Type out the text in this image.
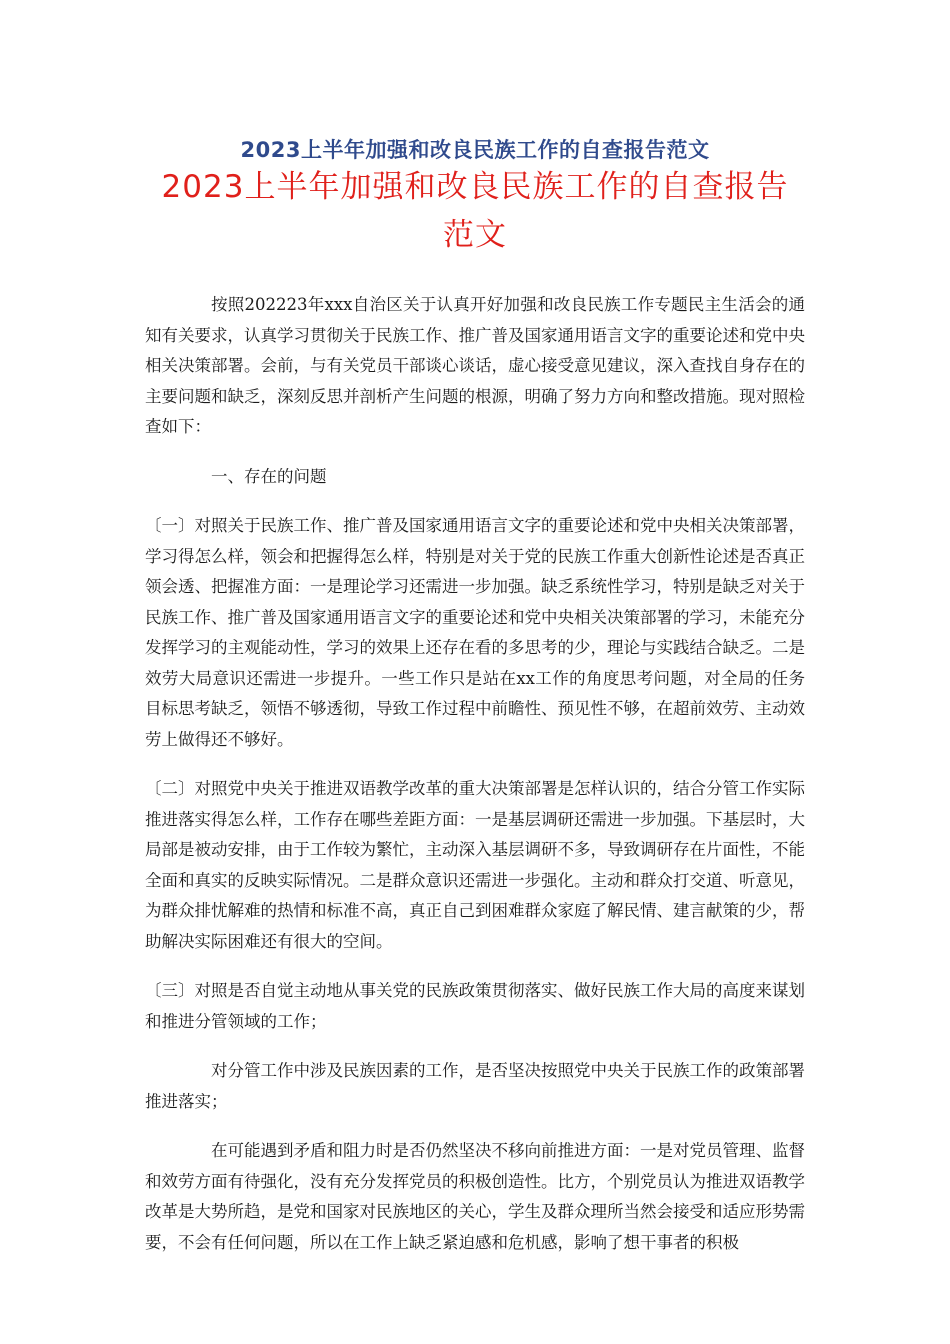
2023上半年加强和改良民族工作的自查报告范文
2023上半年加强和改良民族工作的自查报告范文

按照202223年xxx自治区关于认真开好加强和改良民族工作专题民主生活会的通知有关要求，认真学习贯彻关于民族工作、推广普及国家通用语言文字的重要论述和党中央相关决策部署。会前，与有关党员干部谈心谈话，虚心接受意见建议，深入查找自身存在的主要问题和缺乏，深刻反思并剖析产生问题的根源，明确了努力方向和整改措施。现对照检查如下：

一、存在的问题

〔一〕对照关于民族工作、推广普及国家通用语言文字的重要论述和党中央相关决策部署，学习得怎么样，领会和把握得怎么样，特别是对关于党的民族工作重大创新性论述是否真正领会透、把握准方面：一是理论学习还需进一步加强。缺乏系统性学习，特别是缺乏对关于民族工作、推广普及国家通用语言文字的重要论述和党中央相关决策部署的学习，未能充分发挥学习的主观能动性，学习的效果上还存在看的多思考的少，理论与实践结合缺乏。二是效劳大局意识还需进一步提升。一些工作只是站在xx工作的角度思考问题，对全局的任务目标思考缺乏，领悟不够透彻，导致工作过程中前瞻性、预见性不够，在超前效劳、主动效劳上做得还不够好。

〔二〕对照党中央关于推进双语教学改革的重大决策部署是怎样认识的，结合分管工作实际推进落实得怎么样，工作存在哪些差距方面：一是基层调研还需进一步加强。下基层时，大局部是被动安排，由于工作较为繁忙，主动深入基层调研不多，导致调研存在片面性，不能全面和真实的反映实际情况。二是群众意识还需进一步强化。主动和群众打交道、听意见，为群众排忧解难的热情和标准不高，真正自己到困难群众家庭了解民情、建言献策的少，帮助解决实际困难还有很大的空间。

〔三〕对照是否自觉主动地从事关党的民族政策贯彻落实、做好民族工作大局的高度来谋划和推进分管领域的工作；

对分管工作中涉及民族因素的工作，是否坚决按照党中央关于民族工作的政策部署推进落实；

在可能遇到矛盾和阻力时是否仍然坚决不移向前推进方面：一是对党员管理、监督和效劳方面有待强化，没有充分发挥党员的积极创造性。比方，个别党员认为推进双语教学改革是大势所趋，是党和国家对民族地区的关心，学生及群众理所当然会接受和适应形势需要，不会有任何问题，所以在工作上缺乏紧迫感和危机感，影响了想干事者的积极
